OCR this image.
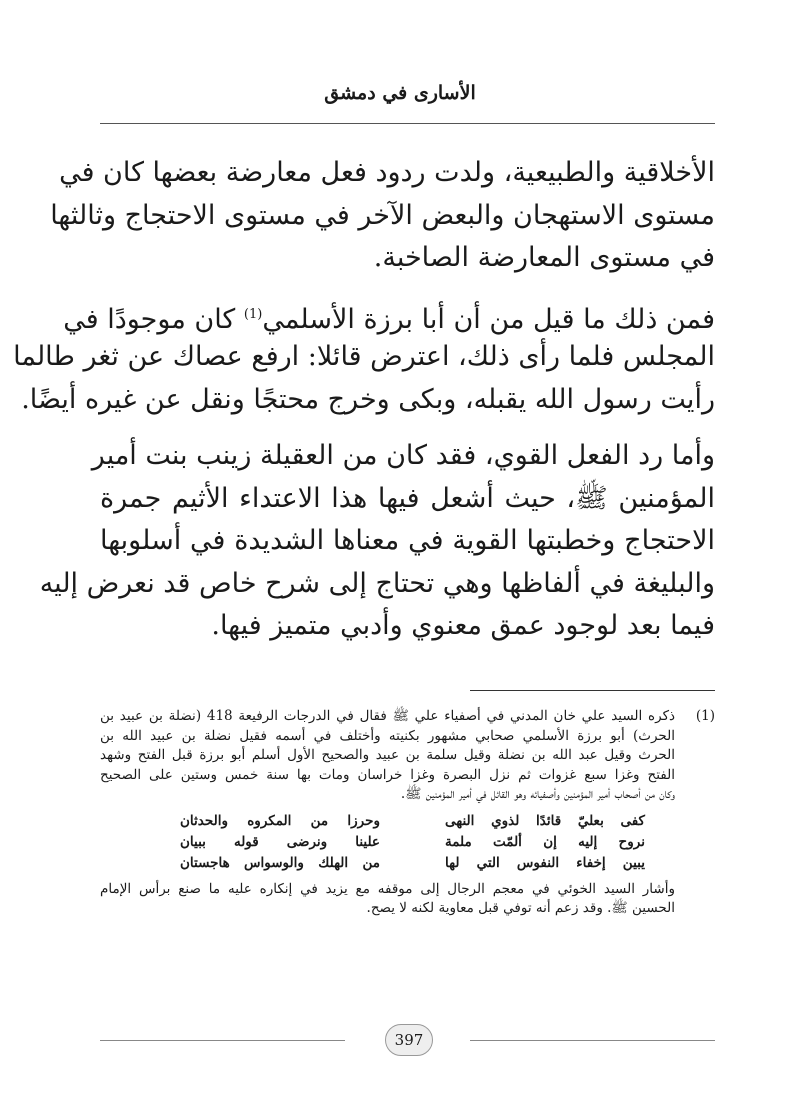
الأسارى في دمشق
الأخلاقية والطبيعية، ولدت ردود فعل معارضة بعضها كان في
مستوى الاستهجان والبعض الآخر في مستوى الاحتجاج وثالثها
في مستوى المعارضة الصاخبة.
فمن ذلك ما قيل من أن أبا برزة الأسلمي$^{(1)}$ كان موجودًا في
المجلس فلما رأى ذلك، اعترض قائلا: ارفع عصاك عن ثغر طالما
رأيت رسول الله يقبله، وبكى وخرج محتجًا ونقل عن غيره أيضًا.
وأما رد الفعل القوي، فقد كان من العقيلة زينب بنت أمير
المؤمنين ﷺ، حيث أشعل فيها هذا الاعتداء الأثيم جمرة
الاحتجاج وخطبتها القوية في معناها الشديدة في أسلوبها
والبليغة في ألفاظها وهي تحتاج إلى شرح خاص قد نعرض إليه
فيما بعد لوجود عمق معنوي وأدبي متميز فيها.
(1)
ذكره السيد علي خان المدني في أصفياء علي ﷺ فقال في الدرجات الرفيعة 418 (نضلة بن عبيد بن
الحرث) أبو برزة الأسلمي صحابي مشهور بكنيته وأختلف في أسمه فقيل نضلة بن عبيد الله بن
الحرث وقيل عبد الله بن نضلة وقيل سلمة بن عبيد والصحيح الأول أسلم أبو برزة قبل الفتح وشهد
الفتح وغزا سبع غزوات ثم نزل البصرة وغزا خراسان ومات بها سنة خمس وستين على الصحيح
وكان من أصحاب أمير المؤمنين وأصفيائه وهو القائل في أمير المؤمنين ﷺ.
كفى بعليّ قائدًا لذوي النهى
وحرزا من المكروه والحدثان
نروح إليه إن ألمّت ملمة
علينا ونرضى قوله ببيان
يبين إخفاء النفوس التي لها
من الهلك والوسواس هاجستان
وأشار السيد الخوئي في معجم الرجال إلى موقفه مع يزيد في إنكاره عليه ما صنع برأس الإمام
الحسين ﷺ. وقد زعم أنه توفي قبل معاوية لكنه لا يصح.
397
